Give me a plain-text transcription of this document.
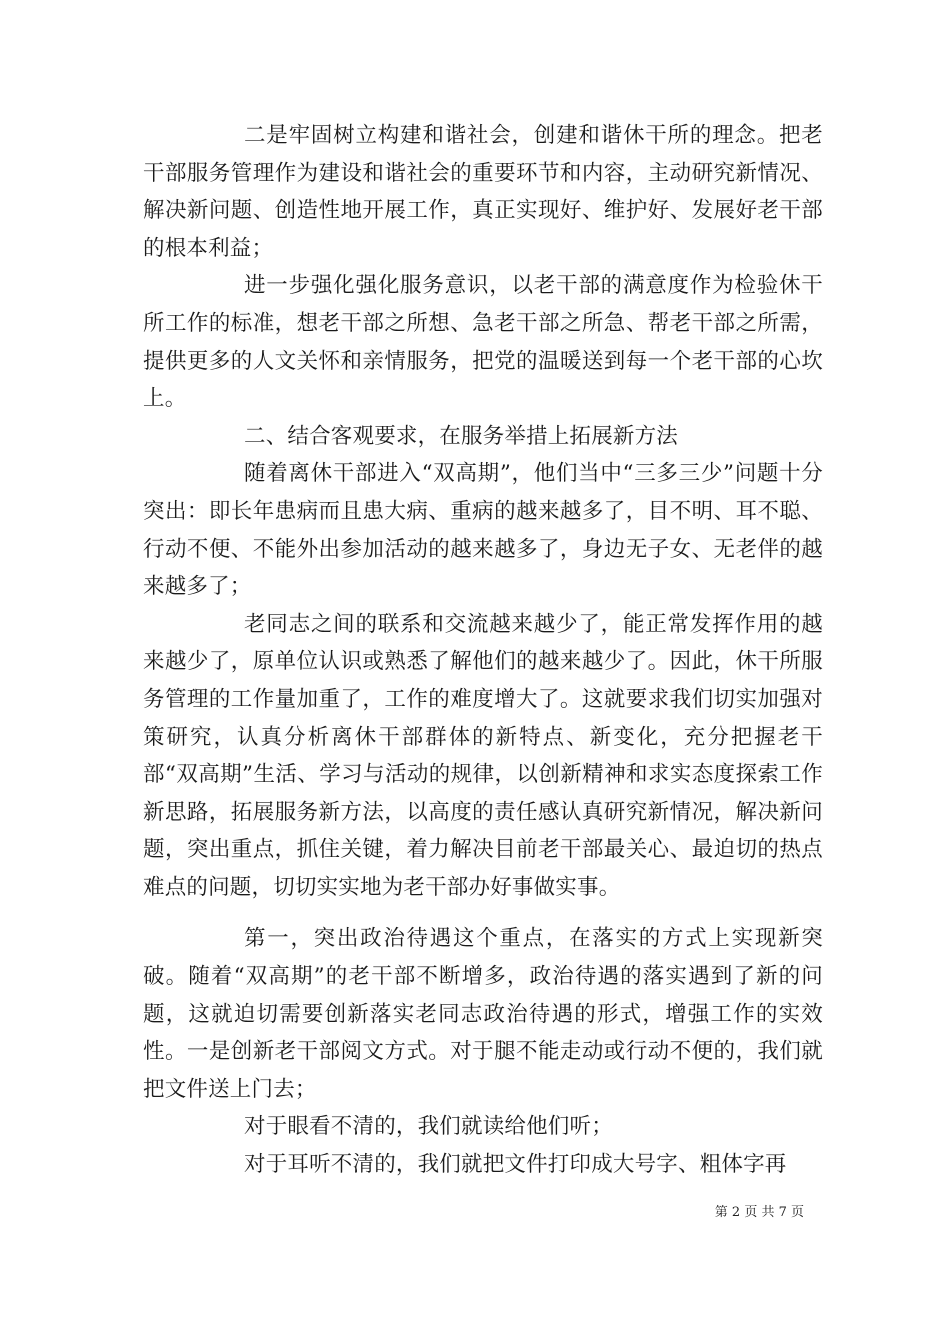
二是牢固树立构建和谐社会，创建和谐休干所的理念。把老干部服务管理作为建设和谐社会的重要环节和内容，主动研究新情况、解决新问题、创造性地开展工作，真正实现好、维护好、发展好老干部的根本利益；

进一步强化强化服务意识，以老干部的满意度作为检验休干所工作的标准，想老干部之所想、急老干部之所急、帮老干部之所需，提供更多的人文关怀和亲情服务，把党的温暖送到每一个老干部的心坎上。

二、结合客观要求，在服务举措上拓展新方法

随着离休干部进入“双高期”，他们当中“三多三少”问题十分突出：即长年患病而且患大病、重病的越来越多了，目不明、耳不聪、行动不便、不能外出参加活动的越来越多了，身边无子女、无老伴的越来越多了；

老同志之间的联系和交流越来越少了，能正常发挥作用的越来越少了，原单位认识或熟悉了解他们的越来越少了。因此，休干所服务管理的工作量加重了，工作的难度增大了。这就要求我们切实加强对策研究，认真分析离休干部群体的新特点、新变化，充分把握老干部“双高期”生活、学习与活动的规律，以创新精神和求实态度探索工作新思路，拓展服务新方法，以高度的责任感认真研究新情况，解决新问题，突出重点，抓住关键，着力解决目前老干部最关心、最迫切的热点难点的问题，切切实实地为老干部办好事做实事。

第一，突出政治待遇这个重点，在落实的方式上实现新突破。随着“双高期”的老干部不断增多，政治待遇的落实遇到了新的问题，这就迫切需要创新落实老同志政治待遇的形式，增强工作的实效性。一是创新老干部阅文方式。对于腿不能走动或行动不便的，我们就把文件送上门去；

对于眼看不清的，我们就读给他们听；

对于耳听不清的，我们就把文件打印成大号字、粗体字再

第 2 页 共 7 页
